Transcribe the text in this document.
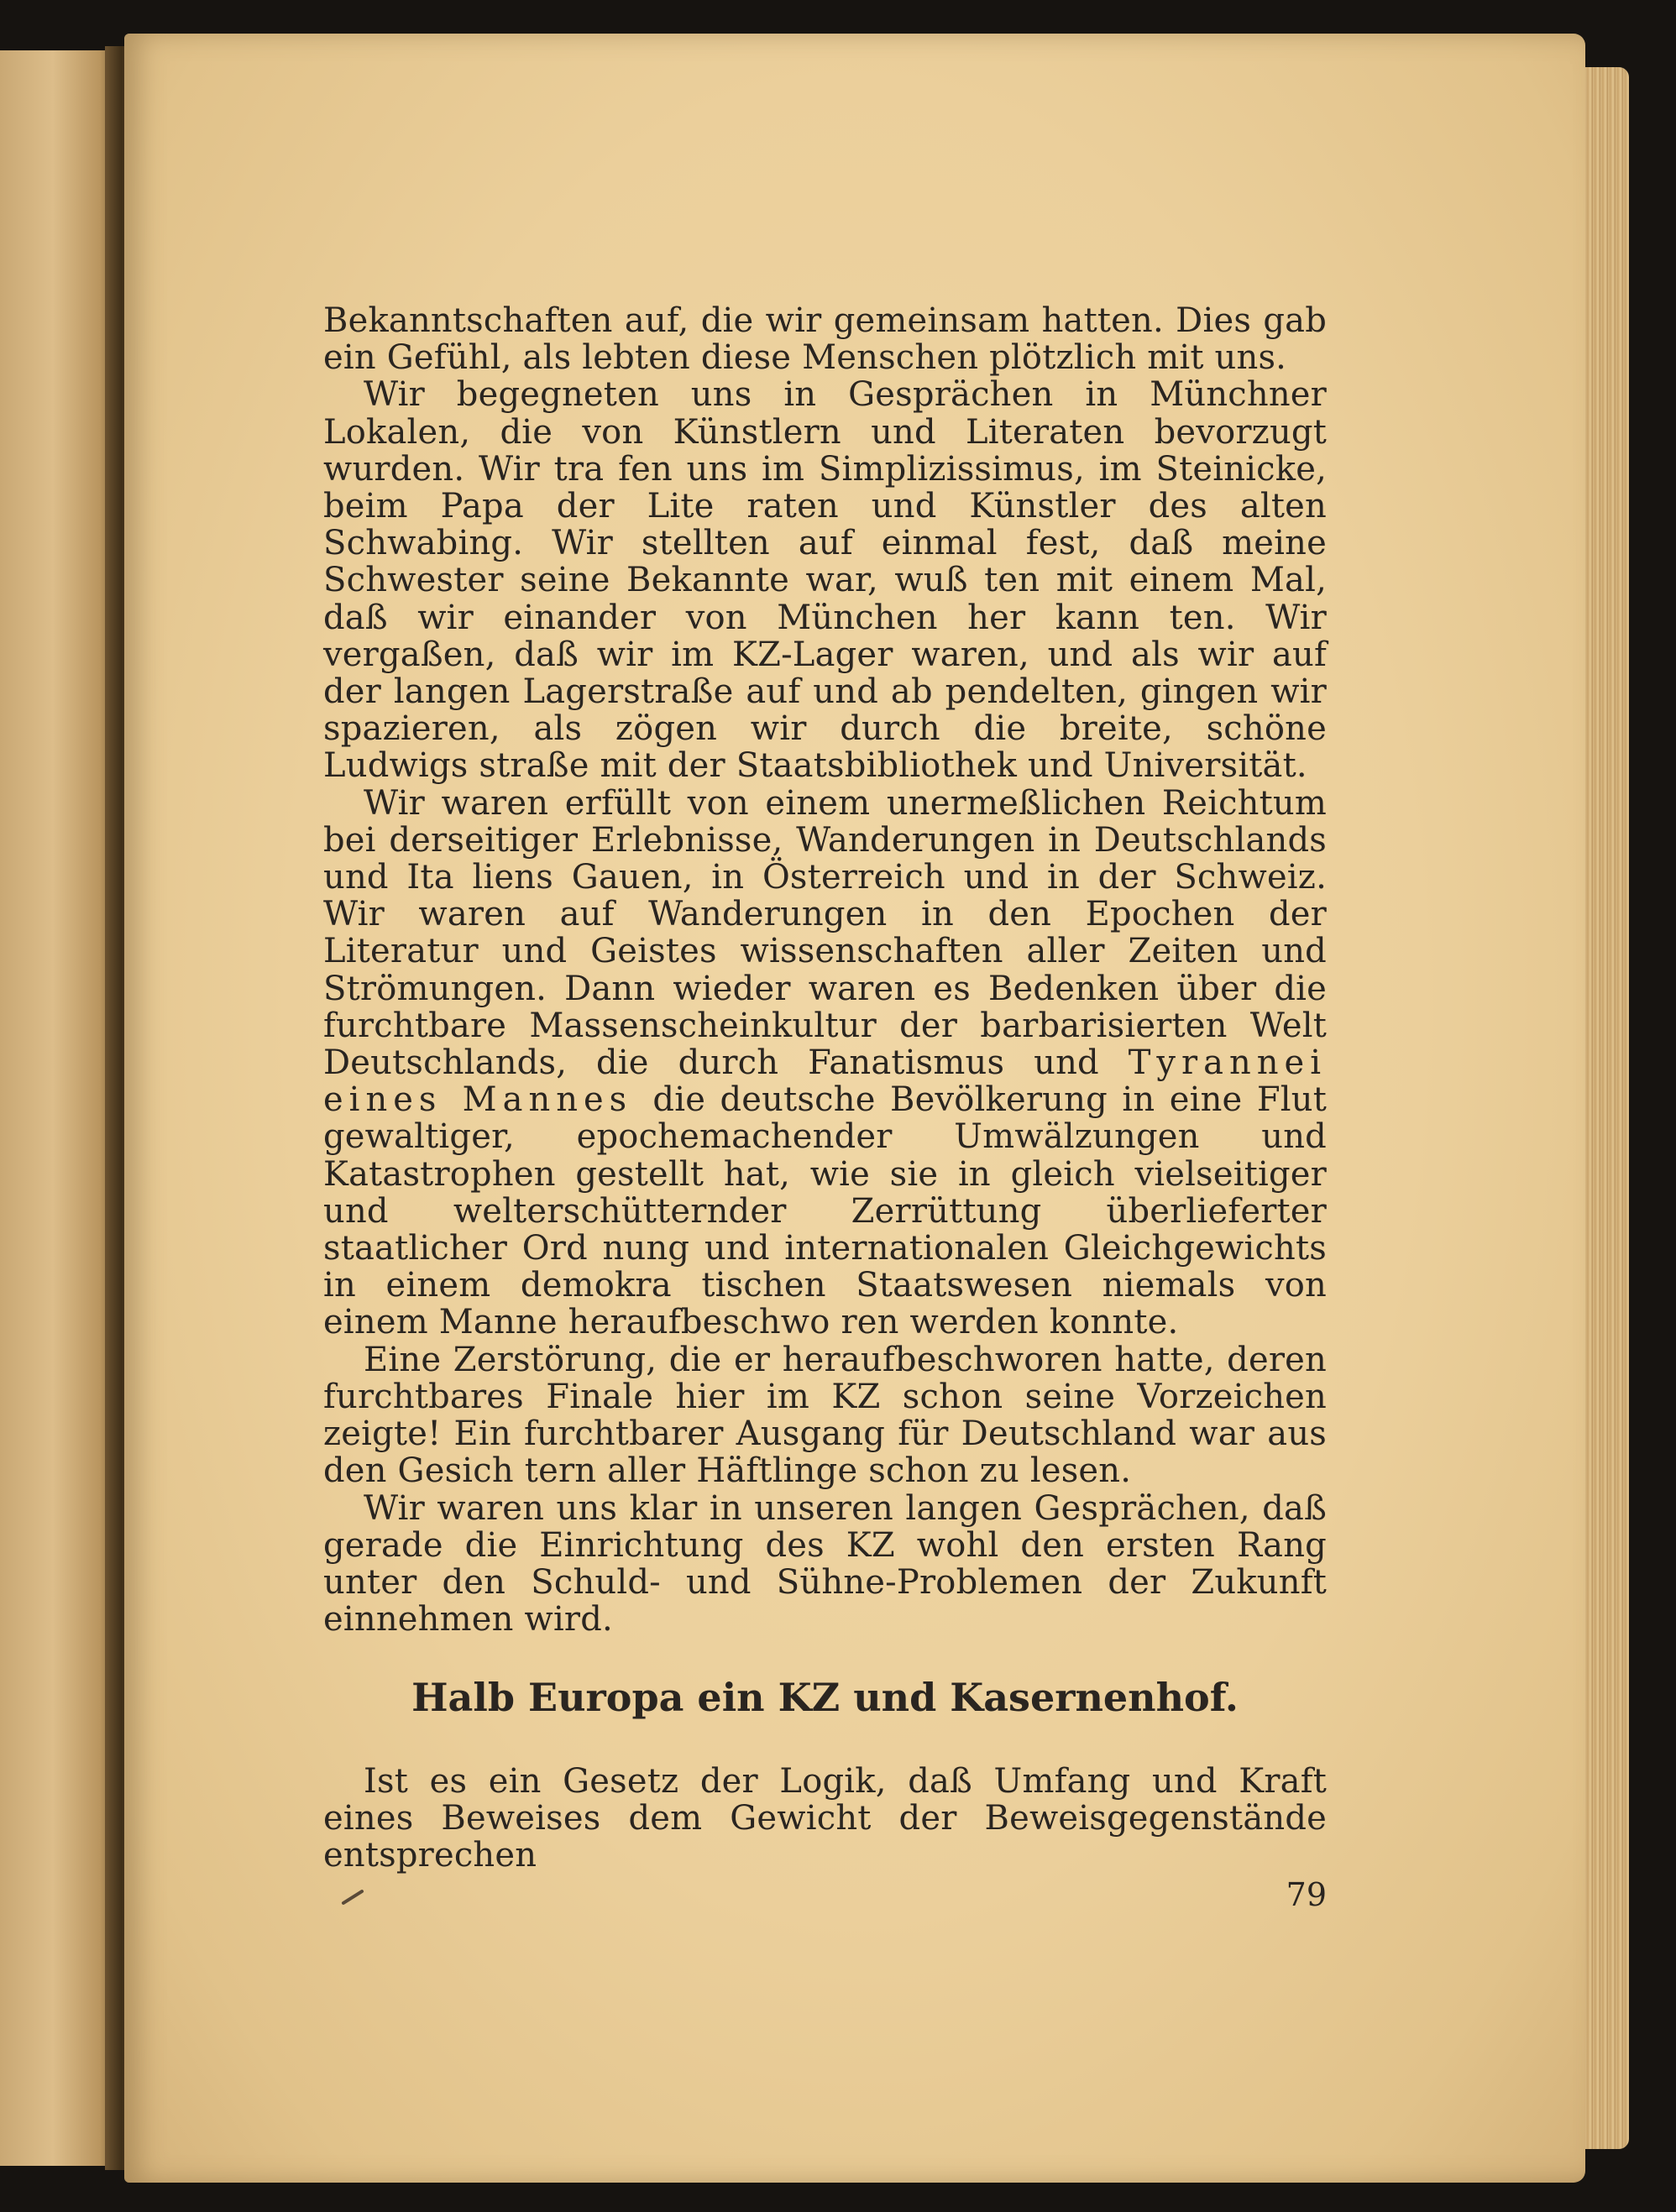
Bekanntschaften auf, die wir gemeinsam hatten. Dies gab ein Gefühl, als lebten diese Menschen plötzlich mit uns.

Wir begegneten uns in Gesprächen in Münchner Lokalen, die von Künstlern und Literaten bevorzugt wurden. Wir tra fen uns im Simplizissimus, im Steinicke, beim Papa der Lite raten und Künstler des alten Schwabing. Wir stellten auf einmal fest, daß meine Schwester seine Bekannte war, wuß ten mit einem Mal, daß wir einander von München her kann ten. Wir vergaßen, daß wir im KZ-Lager waren, und als wir auf der langen Lagerstraße auf und ab pendelten, gingen wir spazieren, als zögen wir durch die breite, schöne Ludwigs straße mit der Staatsbibliothek und Universität.

Wir waren erfüllt von einem unermeßlichen Reichtum bei derseitiger Erlebnisse, Wanderungen in Deutschlands und Ita liens Gauen, in Österreich und in der Schweiz. Wir waren auf Wanderungen in den Epochen der Literatur und Geistes wissenschaften aller Zeiten und Strömungen. Dann wieder waren es Bedenken über die furchtbare Massenscheinkultur der barbarisierten Welt Deutschlands, die durch Fanatismus und Tyrannei eines Mannes die deutsche Bevölkerung in eine Flut gewaltiger, epochemachender Umwälzungen und Katastrophen gestellt hat, wie sie in gleich vielseitiger und welterschütternder Zerrüttung überlieferter staatlicher Ord nung und internationalen Gleichgewichts in einem demokra tischen Staatswesen niemals von einem Manne heraufbeschwo ren werden konnte.

Eine Zerstörung, die er heraufbeschworen hatte, deren furchtbares Finale hier im KZ schon seine Vorzeichen zeigte! Ein furchtbarer Ausgang für Deutschland war aus den Gesich tern aller Häftlinge schon zu lesen.

Wir waren uns klar in unseren langen Gesprächen, daß gerade die Einrichtung des KZ wohl den ersten Rang unter den Schuld- und Sühne-Problemen der Zukunft einnehmen wird.

Halb Europa ein KZ und Kasernenhof.

Ist es ein Gesetz der Logik, daß Umfang und Kraft eines Beweises dem Gewicht der Beweisgegenstände entsprechen

79
